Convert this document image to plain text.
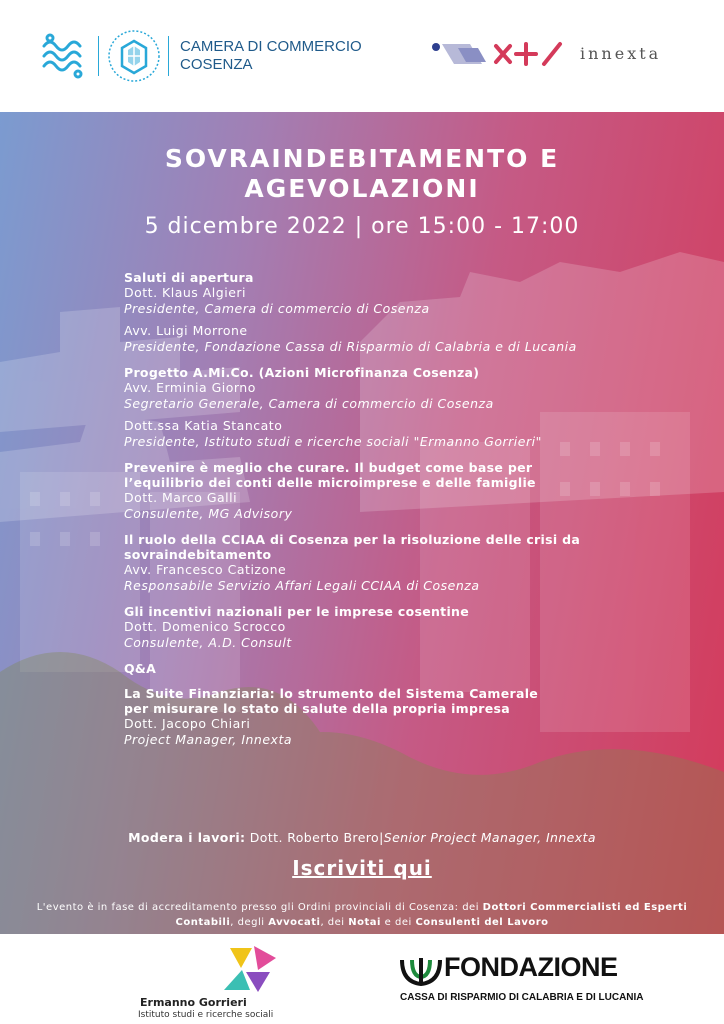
CAMERA DI COMMERCIO
COSENZA
innexta
SOVRAINDEBITAMENTO E
AGEVOLAZIONI
5 dicembre 2022 | ore 15:00 - 17:00
Saluti di apertura
Dott. Klaus Algieri
Presidente, Camera di commercio di Cosenza
Avv. Luigi Morrone
Presidente, Fondazione Cassa di Risparmio di Calabria e di Lucania
Progetto A.Mi.Co. (Azioni Microfinanza Cosenza)
Avv. Erminia Giorno
Segretario Generale, Camera di commercio di Cosenza
Dott.ssa Katia Stancato
Presidente, Istituto studi e ricerche sociali "Ermanno Gorrieri"
Prevenire è meglio che curare. Il budget come base per
l’equilibrio dei conti delle microimprese e delle famiglie
Dott. Marco Galli
Consulente, MG Advisory
Il ruolo della CCIAA di Cosenza per la risoluzione delle crisi da
sovraindebitamento
Avv. Francesco Catizone
Responsabile Servizio Affari Legali CCIAA di Cosenza
Gli incentivi nazionali per le imprese cosentine
Dott. Domenico Scrocco
Consulente, A.D. Consult
Q&A
La Suite Finanziaria: lo strumento del Sistema Camerale
per misurare lo stato di salute della propria impresa
Dott. Jacopo Chiari
Project Manager, Innexta
Modera i lavori: Dott. Roberto Brero|Senior Project Manager, Innexta
Iscriviti qui
L'evento è in fase di accreditamento presso gli Ordini provinciali di Cosenza: dei Dottori Commercialisti ed Esperti Contabili, degli Avvocati, dei Notai e dei Consulenti del Lavoro
Ermanno Gorrieri
Istituto studi e ricerche sociali
FONDAZIONE
CASSA DI RISPARMIO DI CALABRIA E DI LUCANIA
